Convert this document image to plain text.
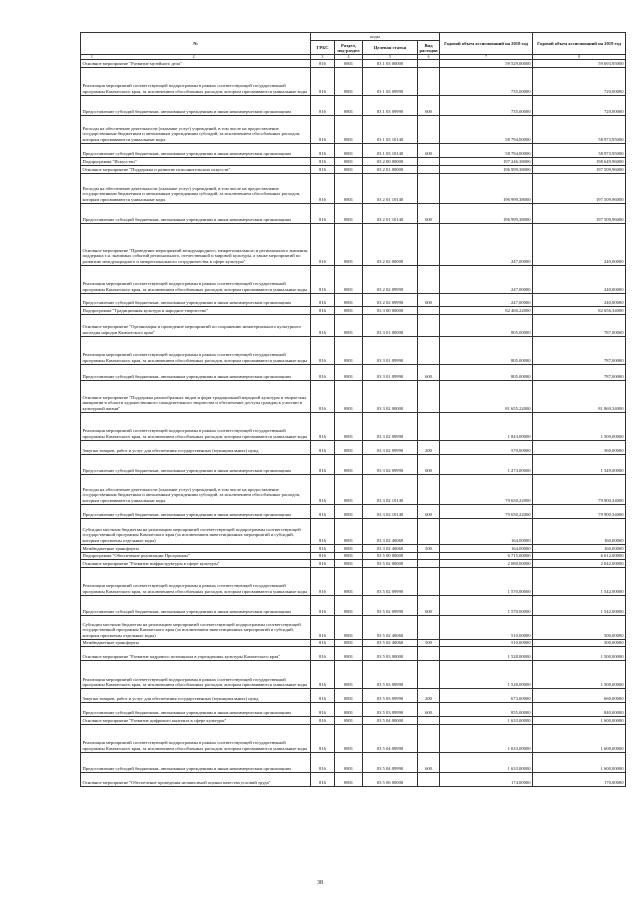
№	коды				Годовой объем ассигнований на 2018 год	Годовой объем ассигнований на 2019 год
	ГРБС	Раздел, под-раздел	Целевая статья	Вид расходов		
1 2	3	4	5	6	7	8
Основное мероприятие "Развитие музейного дела"	816	0801	03 1 03 00000		59 529,00000	59 693,95000
Реализация мероприятий соответствующей подпрограммы в рамках соответствующей государственной программы Камчатского края, за исключением обособленных расходов, которым присваиваются уникальные коды	816	0801	03 1 03 09990		735,00000	720,00000
Предоставление субсидий бюджетным, автономным учреждениям и иным некоммерческим организациям	816	0801	03 1 03 09990	600	735,00000	720,00000
Расходы на обеспечение деятельности (оказание услуг) учреждений, в том числе на предоставление государственным бюджетным и автономным учреждениям субсидий, за исключением обособленных расходов, которым присваиваются уникальные коды	816	0801	03 1 03 10140		58 794,00000	58 973,95000
Предоставление субсидий бюджетным, автономным учреждениям и иным некоммерческим организациям	816	0801	03 1 03 10140	600	58 794,00000	58 973,95000
Подпрограмма "Искусство"	816	0801	03 2 00 00000		197 246,38000	198 649,96000
Основное мероприятие "Поддержка и развитие исполнительских искусств"	816	0801	03 2 01 00000		196 999,38000	197 509,96000
Расходы на обеспечение деятельности (оказание услуг) учреждений, в том числе на предоставление государственным бюджетным и автономным учреждениям субсидий, за исключением обособленных расходов, которым присваиваются уникальные коды	816	0801	03 2 01 10140		196 999,38000	197 509,96000
Предоставление субсидий бюджетным, автономным учреждениям и иным некоммерческим организациям	816	0801	03 2 01 10140	600	196 999,38000	197 509,96000
Основное мероприятие "Проведение мероприятий международного, межрегионального и регионального значения, поддержка т.н. значимых событий регионального, отечественной и мировой культуры, а также мероприятий по развитию международного и межрегионального сотрудничества в сфере культуры"	816	0801	03 2 02 00000		247,00000	240,00000
Реализация мероприятий соответствующей подпрограммы в рамках соответствующей государственной программы Камчатского края, за исключением обособленных расходов, которым присваиваются уникальные коды	816	0801	03 2 02 09990		247,00000	240,00000
Предоставление субсидий бюджетным, автономным учреждениям и иным некоммерческим организациям	816	0801	03 2 02 09990	600	247,00000	240,00000
Подпрограмма "Традиционная культура и народное творчество"	816	0801	03 3 00 00000		82 460,22000	82 656,34000
Основное мероприятие "Организация и проведение мероприятий по сохранению нематериального культурного наследия народов Камчатского края"	816	0801	03 3 01 00000		805,00000	787,00000
Реализация мероприятий соответствующей подпрограммы в рамках соответствующей государственной программы Камчатского края, за исключением обособленных расходов, которым присваиваются уникальные коды	816	0801	03 3 01 09990		805,00000	787,00000
Предоставление субсидий бюджетным, автономным учреждениям и иным некоммерческим организациям	816	0801	03 3 01 09990	600	805,00000	787,00000
Основное мероприятие "Поддержка разнообразных видов и форм традиционной народной культуры и творческих инициатив в области художественного самодеятельного творчества и обеспечение доступа граждан к участию в культурной жизни"	816	0801	03 3 02 00000		81 655,22000	81 869,34000
Реализация мероприятий соответствующей подпрограммы в рамках соответствующей государственной программы Камчатского края, за исключением обособленных расходов, которым присваиваются уникальные коды	816	0801	03 3 02 09990		1 843,00000	1 509,00000
Закупка товаров, работ и услуг для обеспечения государственных (муниципальных) нужд	816	0801	03 3 02 09990	200	570,00000	560,00000
Предоставление субсидий бюджетным, автономным учреждениям и иным некоммерческим организациям	816	0801	03 3 02 09990	600	1 273,00000	1 349,00000
Расходы на обеспечение деятельности (оказание услуг) учреждений, в том числе на предоставление государственным бюджетным и автономным учреждениям субсидий, за исключением обособленных расходов, которым присваиваются уникальные коды	816	0801	03 3 02 10140		79 650,22000	79 900,34000
Предоставление субсидий бюджетным, автономным учреждениям и иным некоммерческим организациям	816	0801	03 3 02 10140	600	79 650,22000	79 900,34000
Субсидии местным бюджетам на реализацию мероприятий соответствующей подпрограммы соответствующей государственной программы Камчатского края (за исключением инвестиционных мероприятий и субсидий, которым присвоены отдельные коды)	816	0801	03 3 02 40060		164,00000	160,00000
Межбюджетные трансферты	816	0801	03 3 02 40060	500	164,00000	160,00000
Подпрограмма "Обеспечение реализации Программы"	816	0801	03 5 00 00000		6 715,00000	6 612,00000
Основное мероприятие "Развитие инфраструктуры в сфере культуры"	816	0801	03 5 02 00000		2 080,00000	2 042,00000
Реализация мероприятий соответствующей подпрограммы в рамках соответствующей государственной программы Камчатского края, за исключением обособленных расходов, которым присваиваются уникальные коды	816	0801	03 5 02 09990		1 570,00000	1 542,00000
Предоставление субсидий бюджетным, автономным учреждениям и иным некоммерческим организациям	816	0801	03 5 02 09990	600	1 570,00000	1 542,00000
Субсидии местным бюджетам на реализацию мероприятий соответствующей подпрограммы соответствующей государственной программы Камчатского края (за исключением инвестиционных мероприятий и субсидий, которым присвоены отдельные коды)	816	0801	03 5 02 40060		510,00000	500,00000
Межбюджетные трансферты	816	0801	03 5 02 40060	500	510,00000	500,00000
Основное мероприятие "Развитие кадрового потенциала в учреждениях культуры Камчатского края"	816	0801	03 5 03 00000		1 528,00000	1 500,00000
Реализация мероприятий соответствующей подпрограммы в рамках соответствующей государственной программы Камчатского края, за исключением обособленных расходов, которым присваиваются уникальные коды	816	0801	03 5 03 09990		1 528,00000	1 500,00000
Закупка товаров, работ и услуг для обеспечения государственных (муниципальных) нужд	816	0801	03 5 03 09990	200	673,00000	660,00000
Предоставление субсидий бюджетным, автономным учреждениям и иным некоммерческим организациям	816	0801	03 5 03 09990	600	855,00000	840,00000
Основное мероприятие "Развитие цифрового контента в сфере культуры"	816	0801	03 5 04 00000		1 633,00000	1 600,00000
Реализация мероприятий соответствующей подпрограммы в рамках соответствующей государственной программы Камчатского края, за исключением обособленных расходов, которым присваиваются уникальные коды	816	0801	03 5 04 09990		1 633,00000	1 600,00000
Предоставление субсидий бюджетным, автономным учреждениям и иным некоммерческим организациям	816	0801	03 5 04 09990	600	1 633,00000	1 600,00000
Основное мероприятие "Обеспечение проведения независимой оценки качества условий труда"	816	0801	03 5 06 00000		174,00000	170,00000
38
